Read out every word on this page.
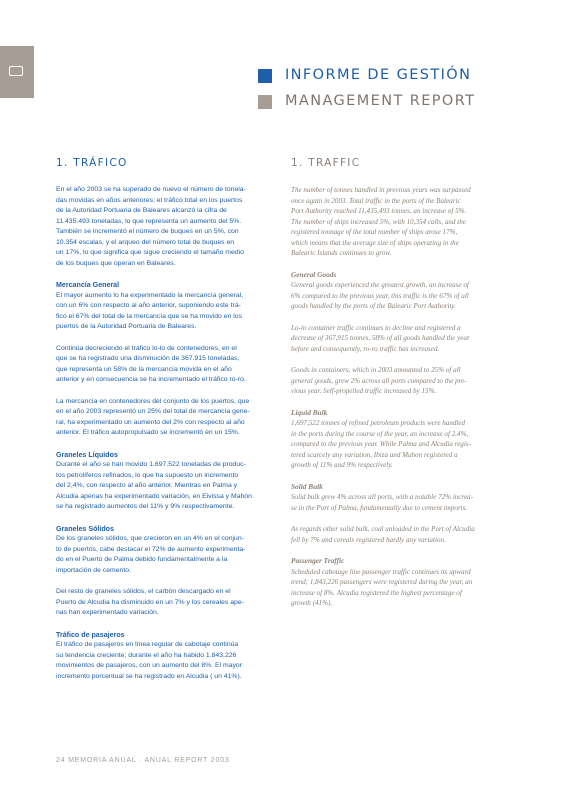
INFORME DE GESTIÓN
MANAGEMENT REPORT
1. TRÁFICO
En el año 2003 se ha superado de nuevo el número de tonela-
das movidas en años anteriores; el tráfico total en los puertos
de la Autoridad Portuaria de Baleares alcanzó la cifra de
11.435.493 toneladas, lo que representa un aumento del 5%.
También se incrementó el número de buques en un 5%, con
10.354 escalas, y el arqueo del número total de buques en
un 17%, lo que significa que sigue creciendo el tamaño medio
de los buques que operan en Baleares.
Mercancía General
El mayor aumento lo ha experimentado la mercancía general,
con un 6% con respecto al año anterior, suponiendo este trá-
fico el 67% del total de la mercancía que se ha movido en los
puertos de la Autoridad Portuaria de Baleares.
Continúa decreciendo el tráfico lo-lo de contenedores, en el
que se ha registrado una disminución de 367.915 toneladas,
que representa un 58% de la mercancía movida en el año
anterior y en consecuencia se ha incrementado el tráfico ro-ro.
La mercancía en contenedores del conjunto de los puertos, que
en el año 2003 representó un 25% del total de mercancía gene-
ral, ha experimentado un aumento del 2% con respecto al año
anterior. El tráfico autopropulsado se incrementó en un 15%.
Graneles Líquidos
Durante el año se han movido 1.697.522 toneladas de produc-
tos petrolíferos refinados, lo que ha supuesto un incremento
del 2,4%, con respecto al año anterior. Mientras en Palma y
Alcudia apenas ha experimentado variación, en Eivissa y Mahón
se ha registrado aumentos del 11% y 9% respectivamente.
Graneles Sólidos
De los graneles sólidos, que crecieron en un 4% en el conjun-
to de puertos, cabe destacar el 72% de aumento experimenta-
do en el Puerto de Palma debido fundamentalmente a la
importación de cemento.
Del resto de graneles sólidos, el carbón descargado en el
Puerto de Alcudia ha disminuido en un 7% y los cereales ape-
nas han experimentado variación.
Tráfico de pasajeros
El tráfico de pasajeros en línea regular de cabotaje continúa
su tendencia creciente; durante el año ha habido 1.843.226
movimientos de pasajeros, con un aumento del 8%. El mayor
incremento porcentual se ha registrado en Alcudia ( un 41%).
1. TRAFFIC
The number of tonnes handled in previous years was surpassed
once again in 2003. Total traffic in the ports of the Balearic
Port Authority reached 11,435,493 tonnes, an increase of 5%.
The number of ships increased 5%, with 10,354 calls, and the
registered tonnage of the total number of ships arose 17%,
which means that the average size of ships operating in the
Balearic Islands continues to grow.
General Goods
General goods experienced the greatest growth, an increase of
6% compared to the previous year, this traffic is the 67% of all
goods handled by the ports of the Balearic Port Authority.
Lo-lo container traffic continues to decline and registered a
decrease of 367,915 tonnes, 58% of all goods handled the year
before and consequently, ro-ro traffic has increased.
Goods in containers, which in 2003 amounted to 25% of all
general goods, grew 2% across all ports compared to the pre-
vious year. Self-propelled traffic increased by 15%.
Liquid Bulk
1,697,522 tonnes of refined petroleum products were handled
in the ports during the course of the year, an increase of 2.4%,
compared to the previous year. While Palma and Alcudia regis-
tered scarcely any variation, Ibiza and Mahon registered a
growth of 11% and 9% respectively.
Solid Bulk
Solid bulk grew 4% across all ports, with a notable 72% increa-
se in the Port of Palma, fundamentally due to cement imports.
As regards other solid bulk, coal unloaded in the Port of Alcudia
fell by 7% and cereals registered hardly any variation.
Passenger Traffic
Scheduled cabotage line passenger traffic continues its upward
trend; 1,843,226 passengers were registered during the year, an
increase of 8%. Alcudia registered the highest percentage of
growth (41%).
24 MEMORIA ANUAL · ANUAL REPORT 2003
